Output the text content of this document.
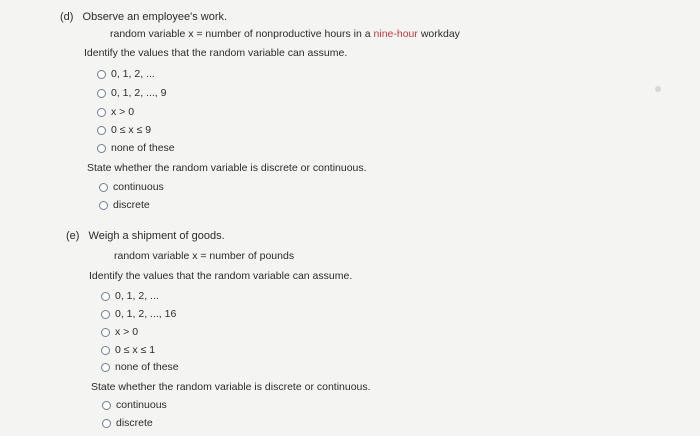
(d) Observe an employee's work.
random variable x = number of nonproductive hours in a nine-hour workday
Identify the values that the random variable can assume.
0, 1, 2, ...
0, 1, 2, ..., 9
x > 0
0 ≤ x ≤ 9
none of these
State whether the random variable is discrete or continuous.
continuous
discrete
(e) Weigh a shipment of goods.
random variable x = number of pounds
Identify the values that the random variable can assume.
0, 1, 2, ...
0, 1, 2, ..., 16
x > 0
0 ≤ x ≤ 1
none of these
State whether the random variable is discrete or continuous.
continuous
discrete
